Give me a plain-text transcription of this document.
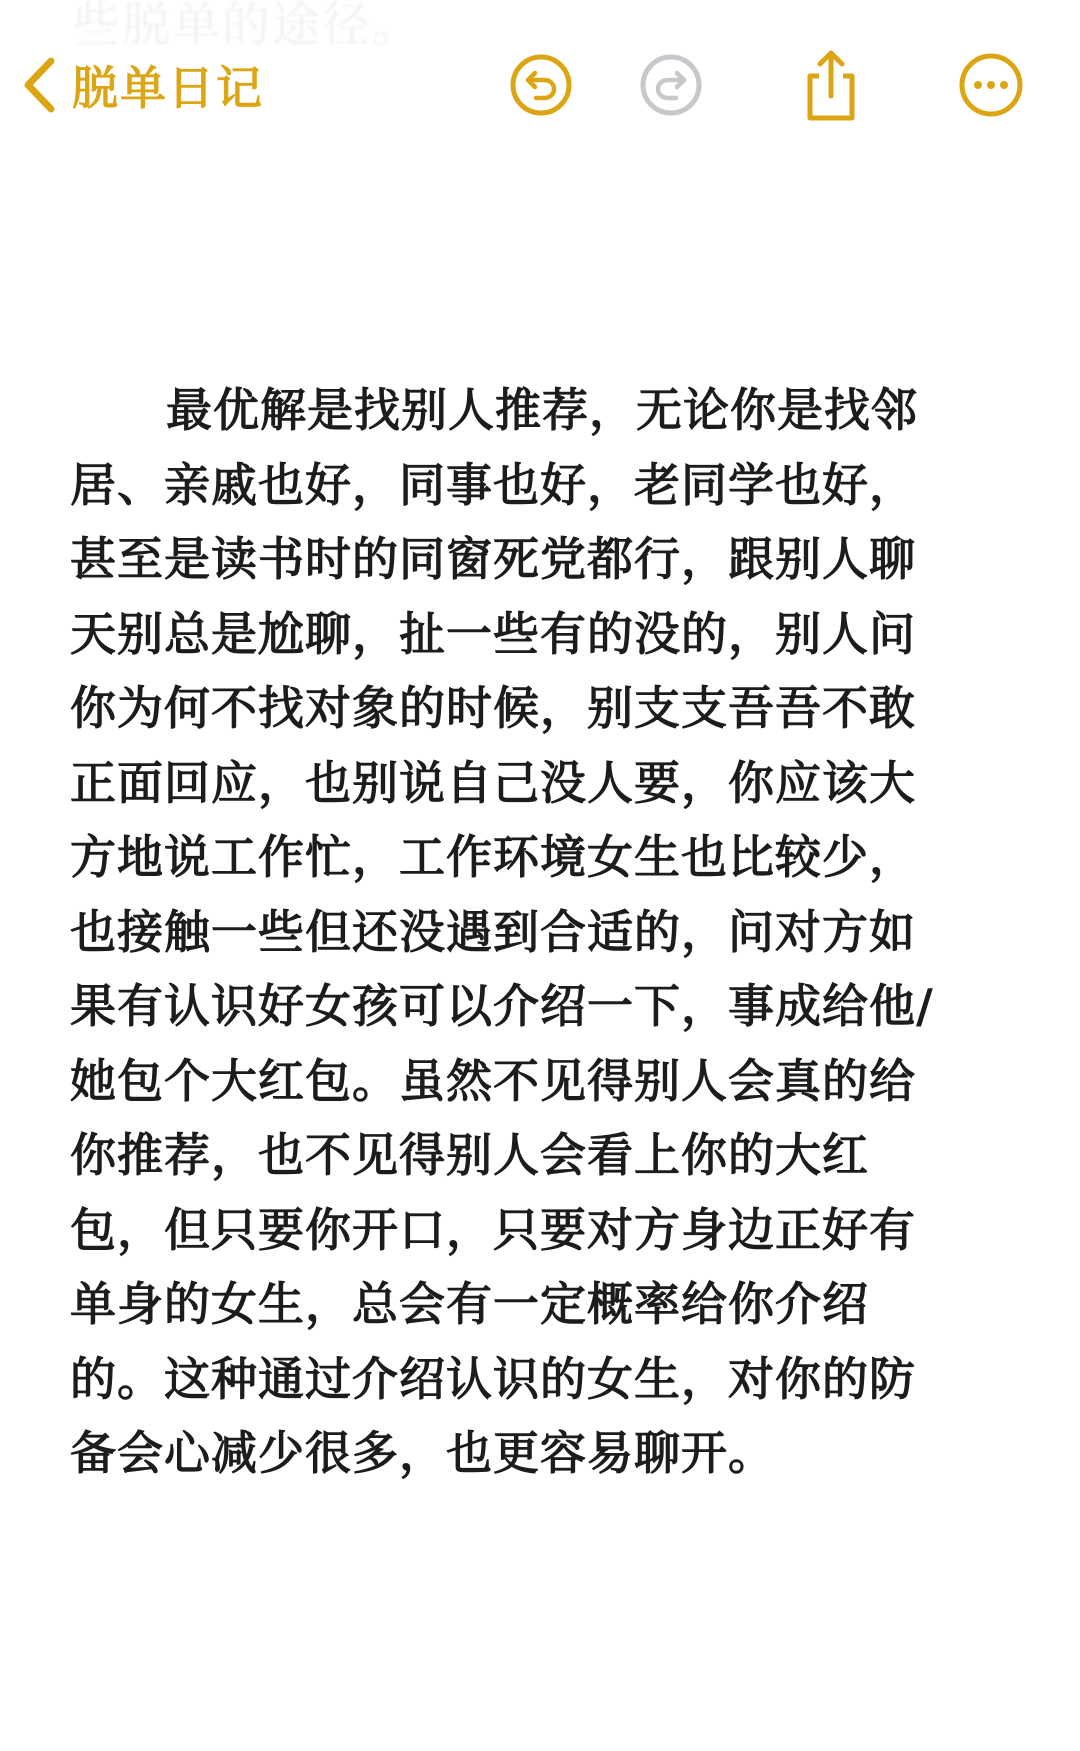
些脱单的途径。
脱单日记
最优解是找别人推荐，无论你是找邻
居、亲戚也好，同事也好，老同学也好，
甚至是读书时的同窗死党都行，跟别人聊
天别总是尬聊，扯一些有的没的，别人问
你为何不找对象的时候，别支支吾吾不敢
正面回应，也别说自己没人要，你应该大
方地说工作忙，工作环境女生也比较少，
也接触一些但还没遇到合适的，问对方如
果有认识好女孩可以介绍一下，事成给他/
她包个大红包。虽然不见得别人会真的给
你推荐，也不见得别人会看上你的大红
包，但只要你开口，只要对方身边正好有
单身的女生，总会有一定概率给你介绍
的。这种通过介绍认识的女生，对你的防
备会心减少很多，也更容易聊开。
